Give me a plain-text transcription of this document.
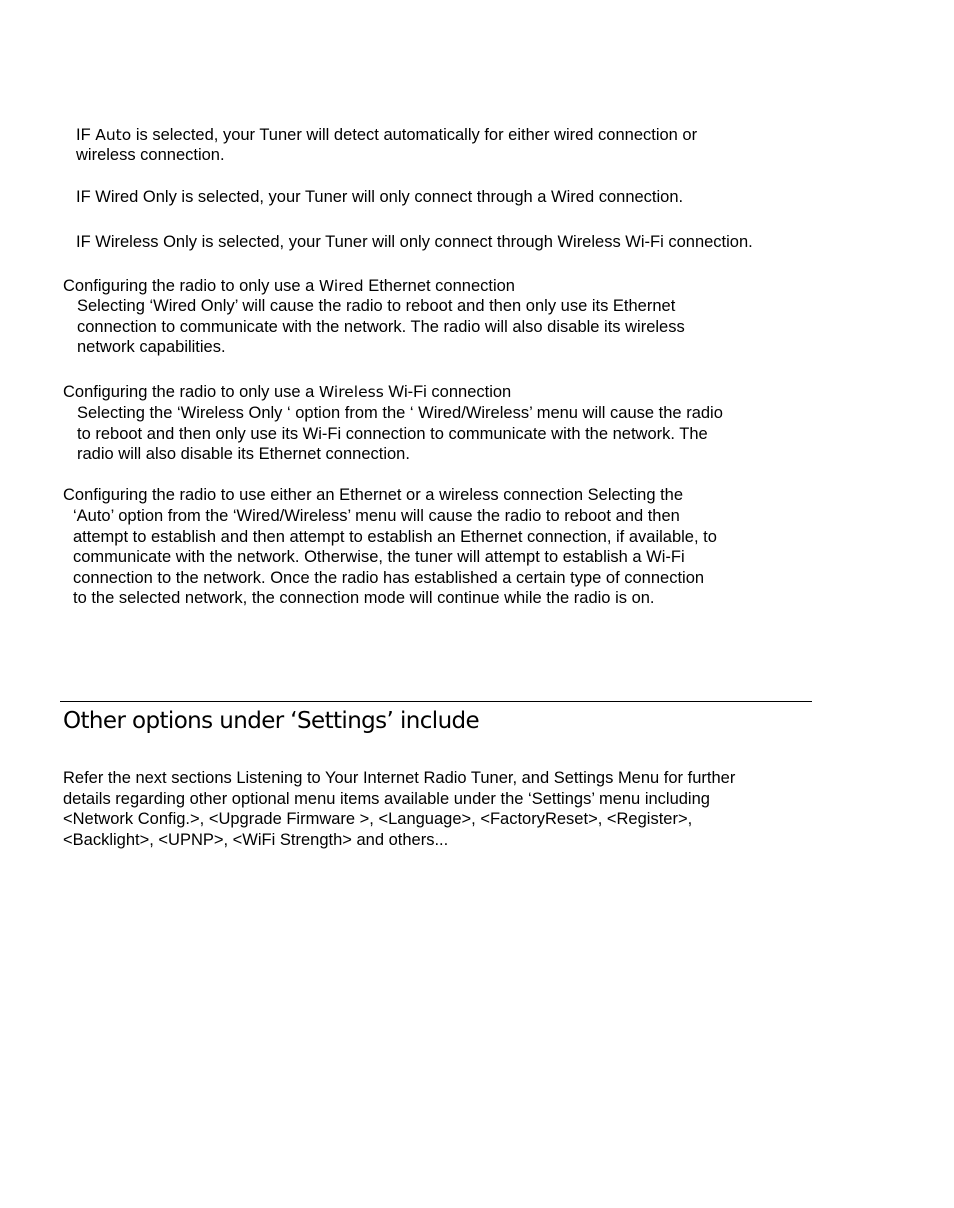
IF Auto is selected, your Tuner will detect automatically for either wired connection or
wireless connection.
IF Wired Only is selected, your Tuner will only connect through a Wired connection.
IF Wireless Only is selected, your Tuner will only connect through Wireless Wi-Fi connection.
Configuring the radio to only use a Wired Ethernet connection
Selecting ‘Wired Only’ will cause the radio to reboot and then only use its Ethernet
connection to communicate with the network. The radio will also disable its wireless
network capabilities.
Configuring the radio to only use a Wireless Wi-Fi connection
Selecting the ‘Wireless Only ‘ option from the ‘ Wired/Wireless’ menu will cause the radio
to reboot and then only use its Wi-Fi connection to communicate with the network. The
radio will also disable its Ethernet connection.
Configuring the radio to use either an Ethernet or a wireless connection Selecting the
‘Auto’ option from the ‘Wired/Wireless’ menu will cause the radio to reboot and then
attempt to establish and then attempt to establish an Ethernet connection, if available, to
communicate with the network. Otherwise, the tuner will attempt to establish a Wi-Fi
connection to the network. Once the radio has established a certain type of connection
to the selected network, the connection mode will continue while the radio is on.
Other options under ‘Settings’ include
Refer the next sections Listening to Your Internet Radio Tuner, and Settings Menu for further
details regarding other optional menu items available under the ‘Settings’ menu including
<Network Config.>, <Upgrade Firmware >, <Language>, <FactoryReset>, <Register>,
<Backlight>, <UPNP>, <WiFi Strength> and others...
